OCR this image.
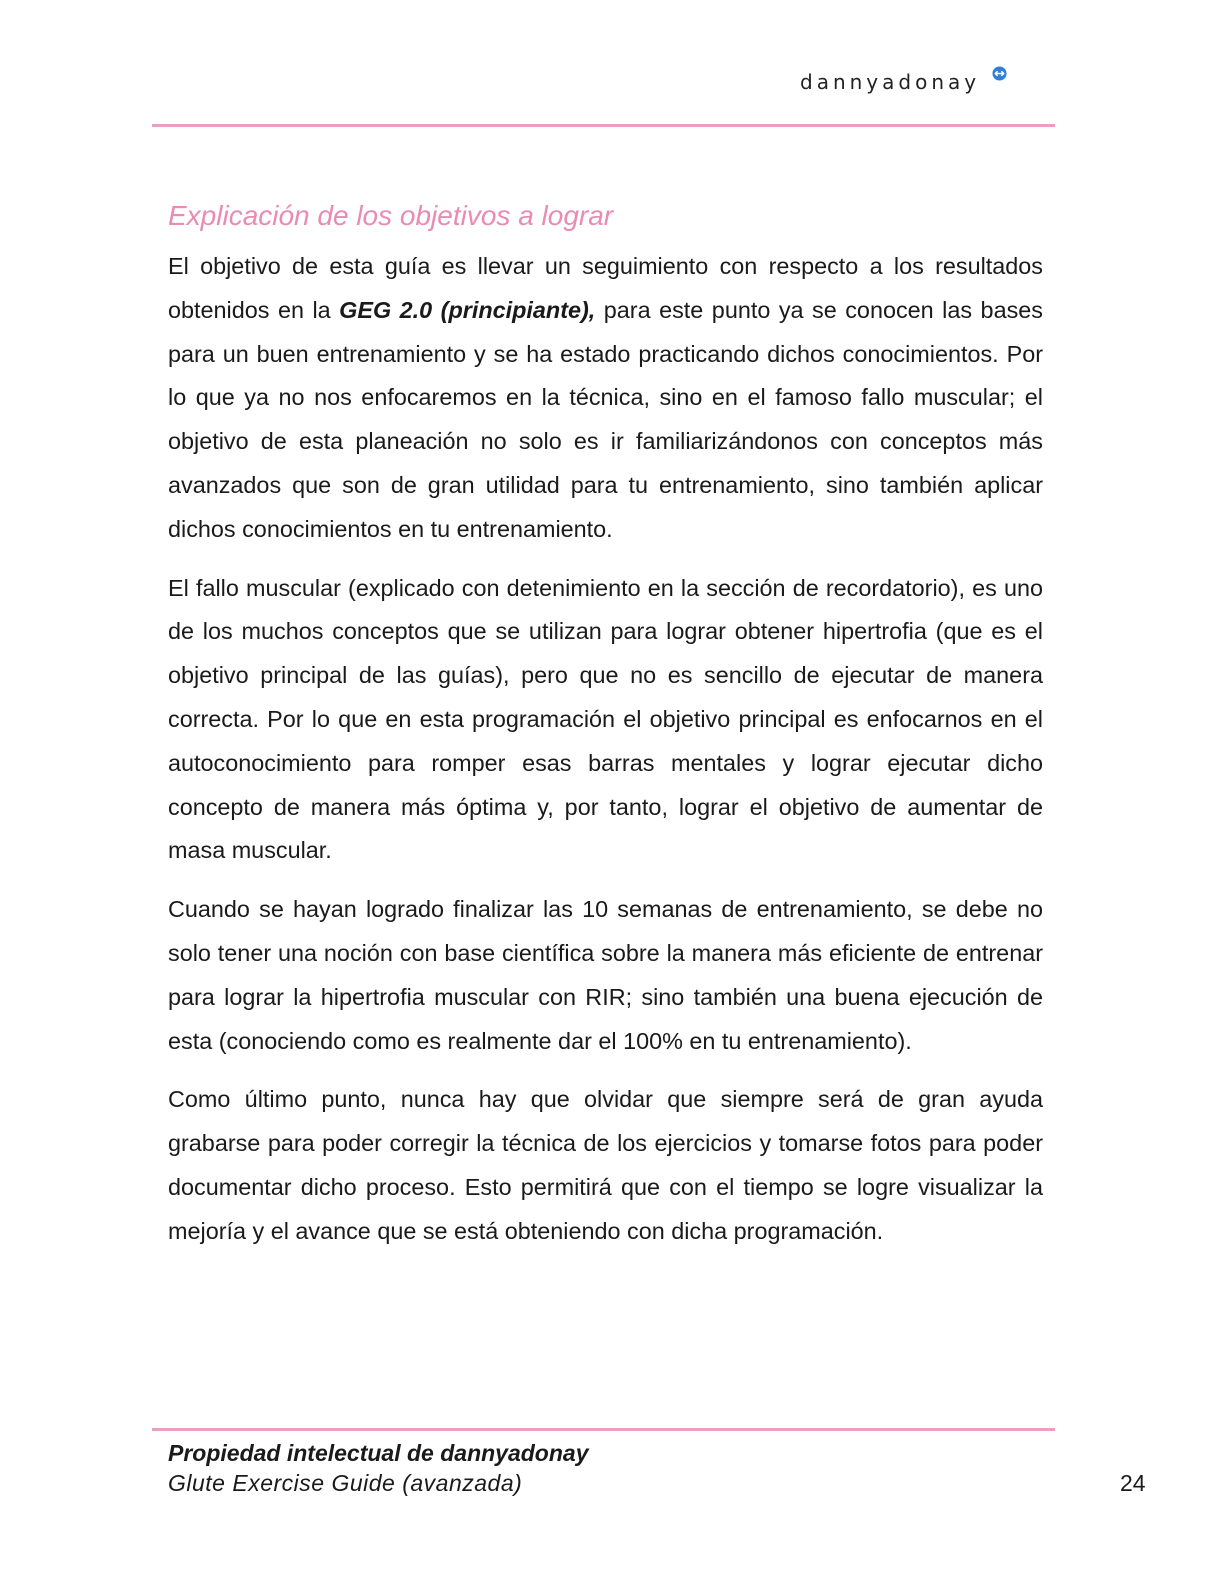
dannyadonay
Explicación de los objetivos a lograr

El objetivo de esta guía es llevar un seguimiento con respecto a los resultados obtenidos en la GEG 2.0 (principiante), para este punto ya se conocen las bases para un buen entrenamiento y se ha estado practicando dichos conocimientos. Por lo que ya no nos enfocaremos en la técnica, sino en el famoso fallo muscular; el objetivo de esta planeación no solo es ir familiarizándonos con conceptos más avanzados que son de gran utilidad para tu entrenamiento, sino también aplicar dichos conocimientos en tu entrenamiento.

El fallo muscular (explicado con detenimiento en la sección de recordatorio), es uno de los muchos conceptos que se utilizan para lograr obtener hipertrofia (que es el objetivo principal de las guías), pero que no es sencillo de ejecutar de manera correcta. Por lo que en esta programación el objetivo principal es enfocarnos en el autoconocimiento para romper esas barras mentales y lograr ejecutar dicho concepto de manera más óptima y, por tanto, lograr el objetivo de aumentar de masa muscular.

Cuando se hayan logrado finalizar las 10 semanas de entrenamiento, se debe no solo tener una noción con base científica sobre la manera más eficiente de entrenar para lograr la hipertrofia muscular con RIR; sino también una buena ejecución de esta (conociendo como es realmente dar el 100% en tu entrenamiento).

Como último punto, nunca hay que olvidar que siempre será de gran ayuda grabarse para poder corregir la técnica de los ejercicios y tomarse fotos para poder documentar dicho proceso. Esto permitirá que con el tiempo se logre visualizar la mejoría y el avance que se está obteniendo con dicha programación.

Propiedad intelectual de dannyadonay
Glute Exercise Guide (avanzada)	24
